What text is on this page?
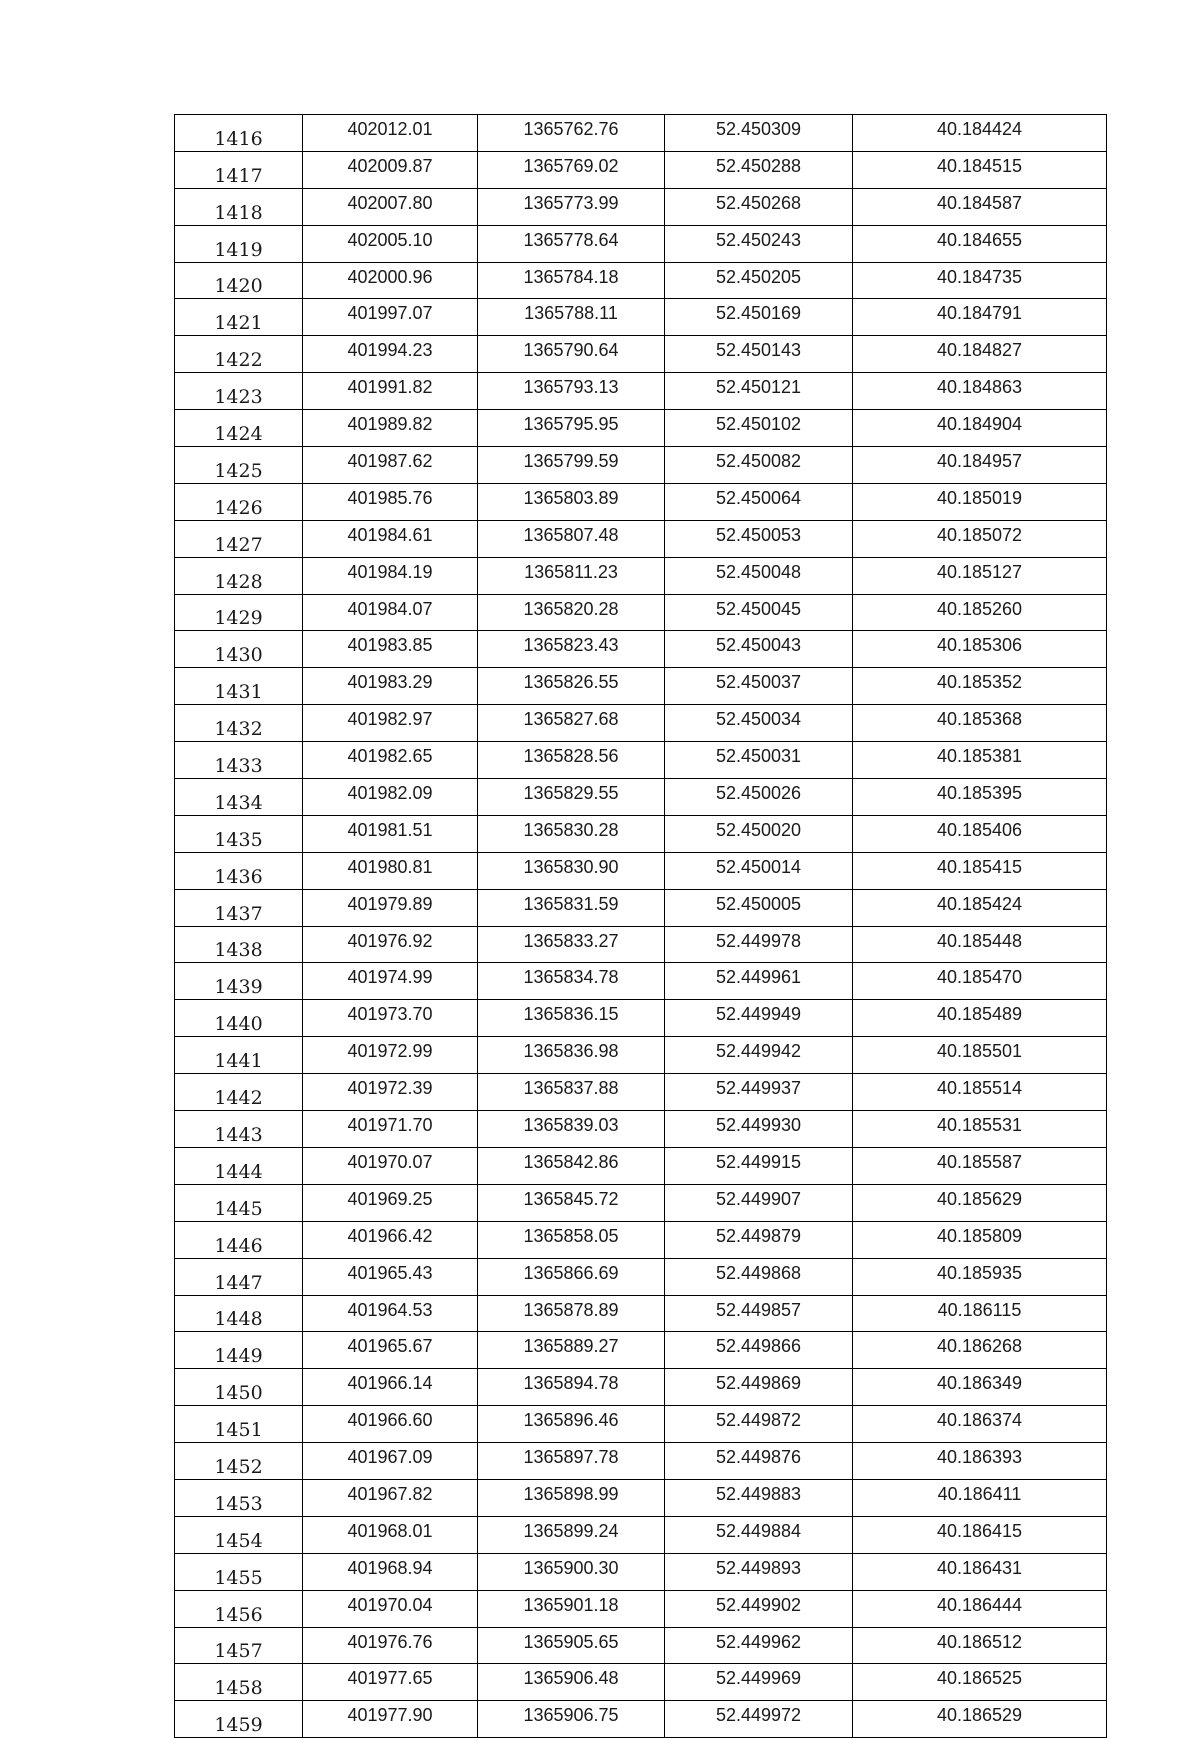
1416	402012.01	1365762.76	52.450309	40.184424
1417	402009.87	1365769.02	52.450288	40.184515
1418	402007.80	1365773.99	52.450268	40.184587
1419	402005.10	1365778.64	52.450243	40.184655
1420	402000.96	1365784.18	52.450205	40.184735
1421	401997.07	1365788.11	52.450169	40.184791
1422	401994.23	1365790.64	52.450143	40.184827
1423	401991.82	1365793.13	52.450121	40.184863
1424	401989.82	1365795.95	52.450102	40.184904
1425	401987.62	1365799.59	52.450082	40.184957
1426	401985.76	1365803.89	52.450064	40.185019
1427	401984.61	1365807.48	52.450053	40.185072
1428	401984.19	1365811.23	52.450048	40.185127
1429	401984.07	1365820.28	52.450045	40.185260
1430	401983.85	1365823.43	52.450043	40.185306
1431	401983.29	1365826.55	52.450037	40.185352
1432	401982.97	1365827.68	52.450034	40.185368
1433	401982.65	1365828.56	52.450031	40.185381
1434	401982.09	1365829.55	52.450026	40.185395
1435	401981.51	1365830.28	52.450020	40.185406
1436	401980.81	1365830.90	52.450014	40.185415
1437	401979.89	1365831.59	52.450005	40.185424
1438	401976.92	1365833.27	52.449978	40.185448
1439	401974.99	1365834.78	52.449961	40.185470
1440	401973.70	1365836.15	52.449949	40.185489
1441	401972.99	1365836.98	52.449942	40.185501
1442	401972.39	1365837.88	52.449937	40.185514
1443	401971.70	1365839.03	52.449930	40.185531
1444	401970.07	1365842.86	52.449915	40.185587
1445	401969.25	1365845.72	52.449907	40.185629
1446	401966.42	1365858.05	52.449879	40.185809
1447	401965.43	1365866.69	52.449868	40.185935
1448	401964.53	1365878.89	52.449857	40.186115
1449	401965.67	1365889.27	52.449866	40.186268
1450	401966.14	1365894.78	52.449869	40.186349
1451	401966.60	1365896.46	52.449872	40.186374
1452	401967.09	1365897.78	52.449876	40.186393
1453	401967.82	1365898.99	52.449883	40.186411
1454	401968.01	1365899.24	52.449884	40.186415
1455	401968.94	1365900.30	52.449893	40.186431
1456	401970.04	1365901.18	52.449902	40.186444
1457	401976.76	1365905.65	52.449962	40.186512
1458	401977.65	1365906.48	52.449969	40.186525
1459	401977.90	1365906.75	52.449972	40.186529
